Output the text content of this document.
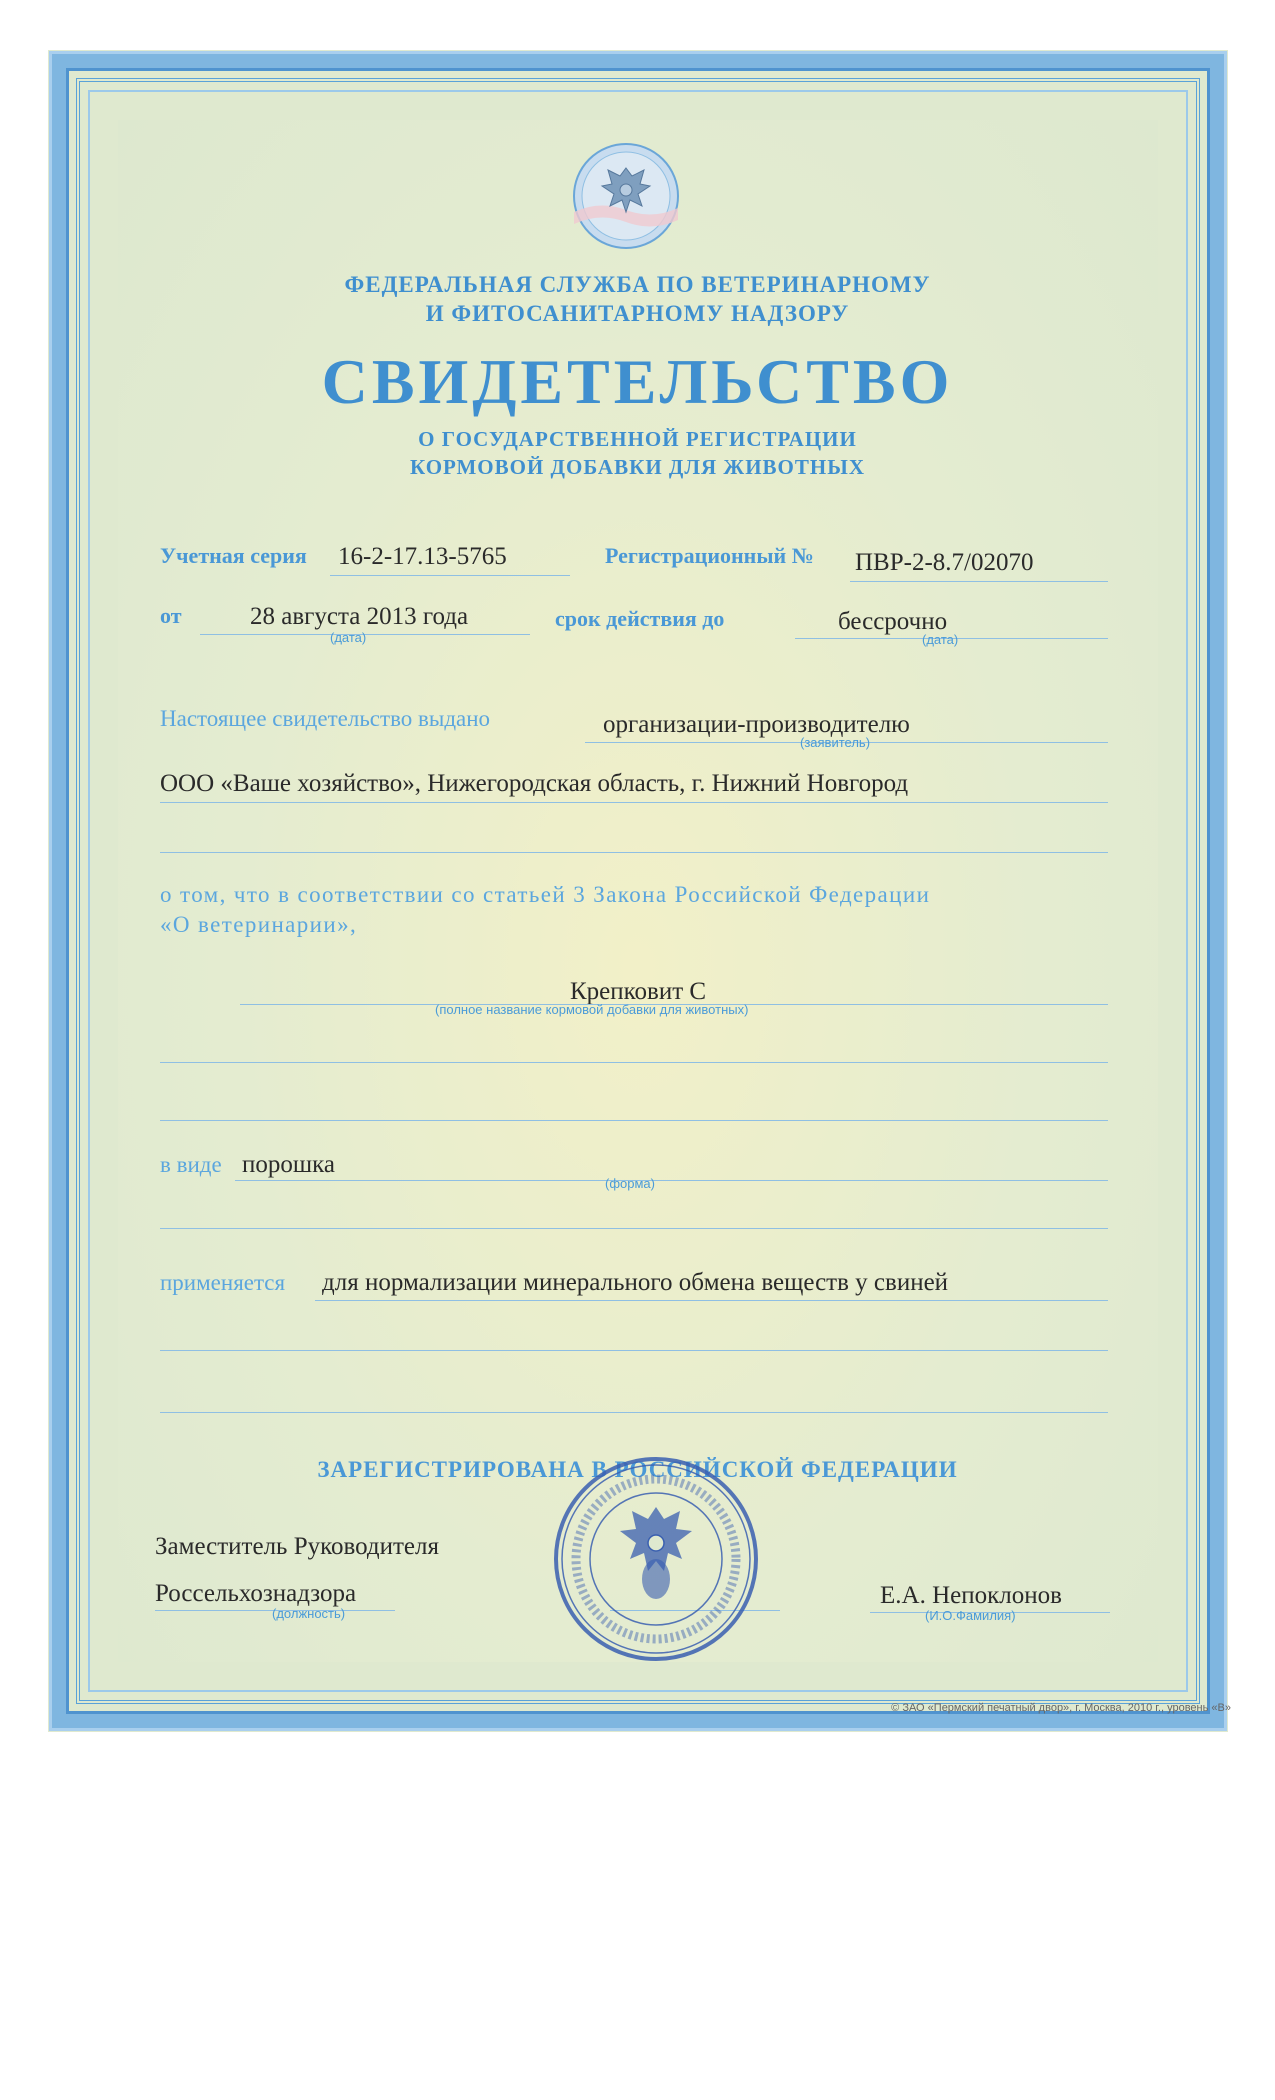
ФЕДЕРАЛЬНАЯ СЛУЖБА ПО ВЕТЕРИНАРНОМУ
И ФИТОСАНИТАРНОМУ НАДЗОРУ
СВИДЕТЕЛЬСТВО
О ГОСУДАРСТВЕННОЙ РЕГИСТРАЦИИ
КОРМОВОЙ ДОБАВКИ ДЛЯ ЖИВОТНЫХ
Учетная серия 16-2-17.13-5765	Регистрационный № ПВР-2-8.7/02070
от	28 августа 2013 года
(дата)
срок действия до	бессрочно
(дата)
Настоящее свидетельство выдано	организации-производителю
(заявитель)
ООО «Ваше хозяйство», Нижегородская область, г. Нижний Новгород
о том, что в соответствии со статьей 3 Закона Российской Федерации
«О ветеринарии»,
Крепковит С
(полное название кормовой добавки для животных)
в виде порошка
(форма)
применяется для нормализации минерального обмена веществ у свиней
ЗАРЕГИСТРИРОВАНА В РОССИЙСКОЙ ФЕДЕРАЦИИ
Заместитель Руководителя
Россельхознадзора
(должность)
Е.А. Непоклонов
(И.О.Фамилия)
© ЗАО «Пермский печатный двор», г. Москва, 2010 г., уровень «В»
